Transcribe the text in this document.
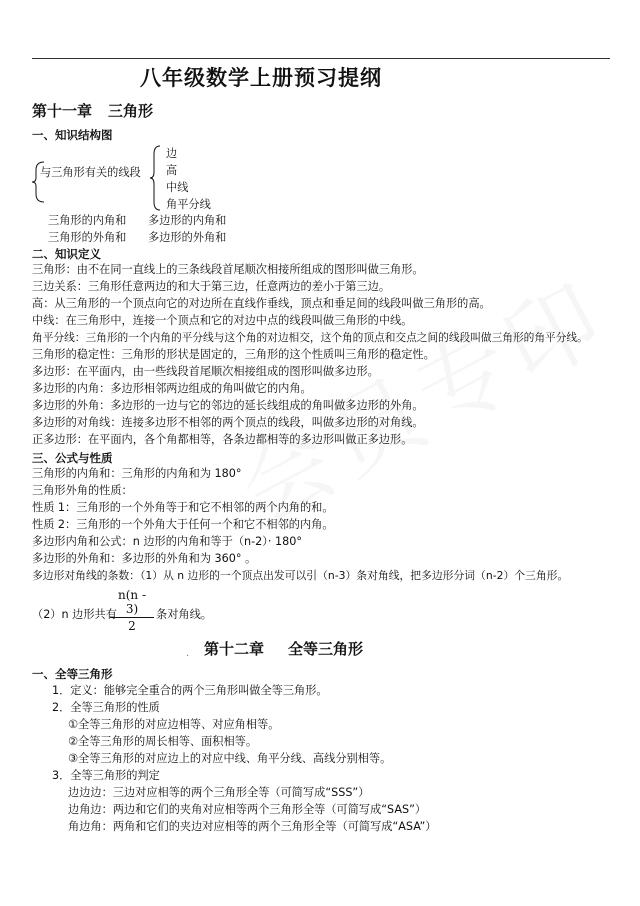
八年级数学上册预习提纲
第十一章 三角形
一、知识结构图
与三角形有关的线段
边
高
中线
角平分线
三角形的内角和 多边形的内角和
三角形的外角和 多边形的外角和
二、知识定义
三角形：由不在同一直线上的三条线段首尾顺次相接所组成的图形叫做三角形。
三边关系：三角形任意两边的和大于第三边，任意两边的差小于第三边。
高：从三角形的一个顶点向它的对边所在直线作垂线，顶点和垂足间的线段叫做三角形的高。
中线：在三角形中，连接一个顶点和它的对边中点的线段叫做三角形的中线。
角平分线：三角形的一个内角的平分线与这个角的对边相交，这个角的顶点和交点之间的线段叫做三角形的角平分线。
三角形的稳定性：三角形的形状是固定的，三角形的这个性质叫三角形的稳定性。
多边形：在平面内，由一些线段首尾顺次相接组成的图形叫做多边形。
多边形的内角：多边形相邻两边组成的角叫做它的内角。
多边形的外角：多边形的一边与它的邻边的延长线组成的角叫做多边形的外角。
多边形的对角线：连接多边形不相邻的两个顶点的线段，叫做多边形的对角线。
正多边形：在平面内，各个角都相等，各条边都相等的多边形叫做正多边形。
三、公式与性质
三角形的内角和：三角形的内角和为 180°
三角形外角的性质：
性质 1：三角形的一个外角等于和它不相邻的两个内角的和。
性质 2：三角形的一个外角大于任何一个和它不相邻的内角。
多边形内角和公式：n 边形的内角和等于（n-2）· 180°
多边形的外角和：多边形的外角和为 360° 。
多边形对角线的条数：（1）从 n 边形的一个顶点出发可以引（n-3）条对角线，把多边形分词（n-2）个三角形。
$\frac{n(n - 3)}{2}$
（2）n 边形共有	条对角线。
. 第十二章 全等三角形
一、全等三角形
1．定义：能够完全重合的两个三角形叫做全等三角形。
2．全等三角形的性质
①全等三角形的对应边相等、对应角相等。
②全等三角形的周长相等、面积相等。
③全等三角形的对应边上的对应中线、角平分线、高线分别相等。
3．全等三角形的判定
边边边：三边对应相等的两个三角形全等（可简写成“SSS”）
边角边：两边和它们的夹角对应相等两个三角形全等（可简写成“SAS”）
角边角：两角和它们的夹边对应相等的两个三角形全等（可简写成“ASA”）
